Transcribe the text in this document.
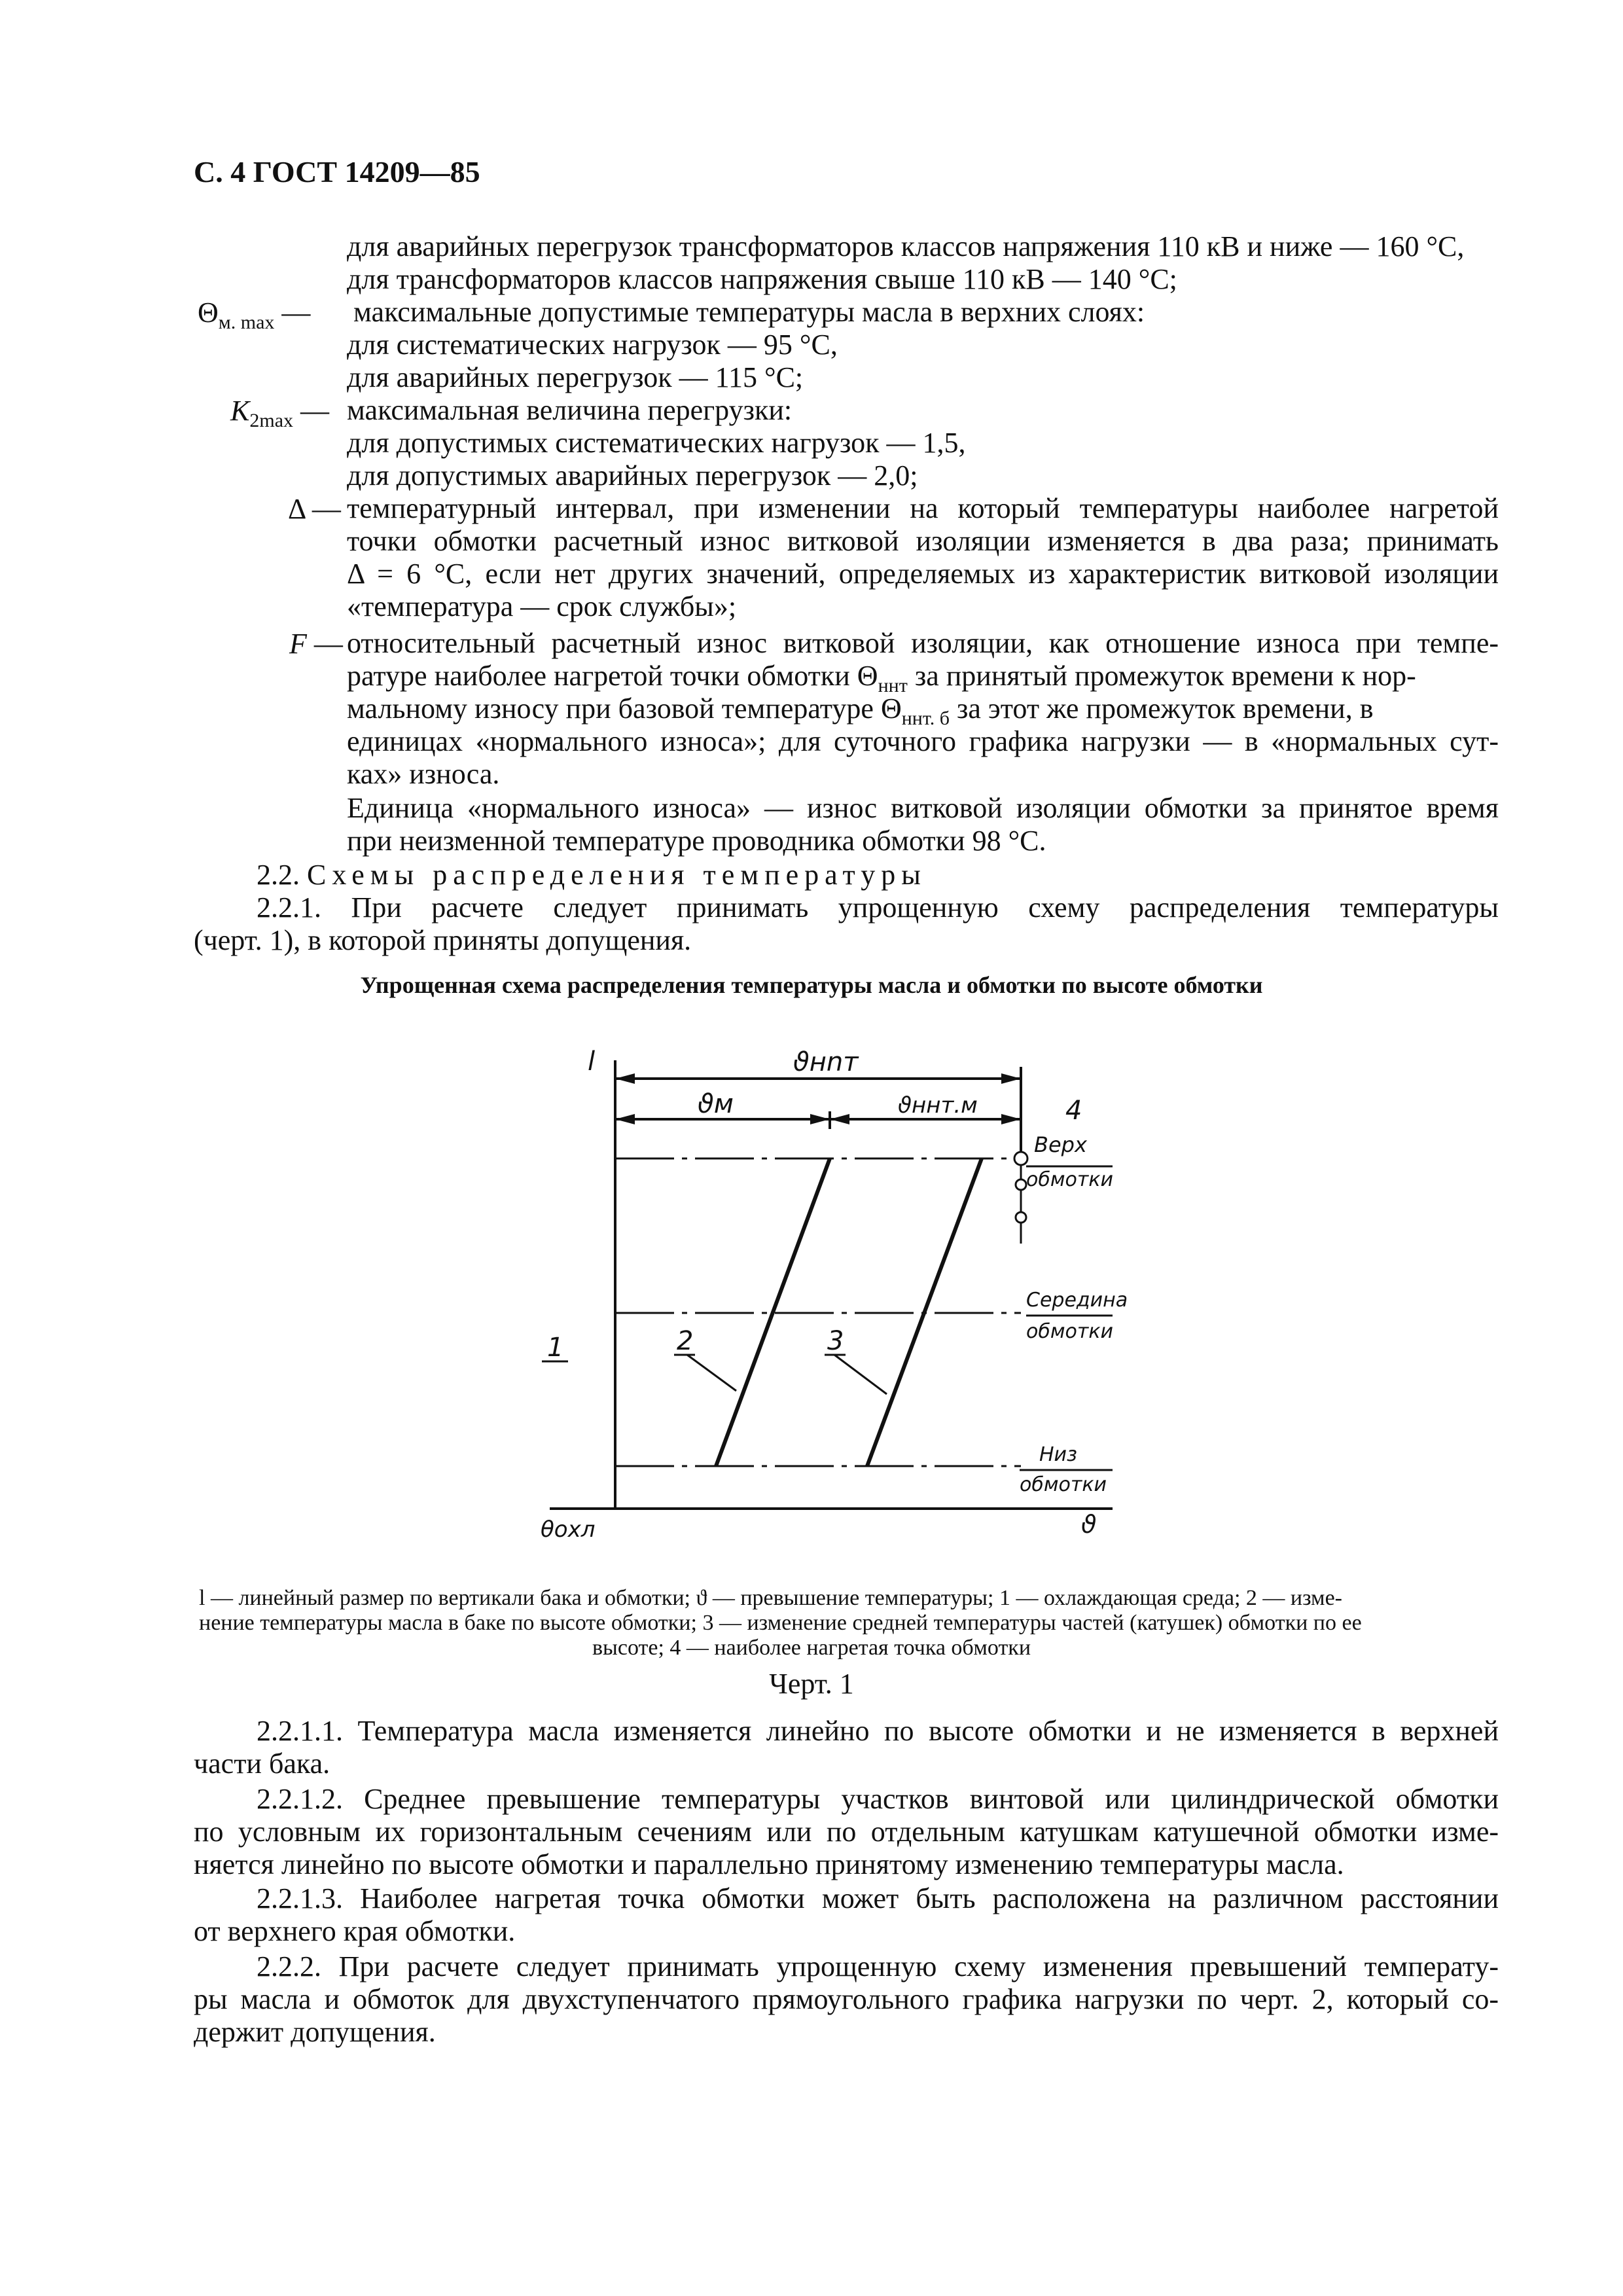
С. 4 ГОСТ 14209—85
для аварийных перегрузок трансформаторов классов напряжения 110 кВ и ниже — 160 °С,
для трансформаторов классов напряжения свыше 110 кВ — 140 °С;
$\Theta_{м. max}$ — максимальные допустимые температуры масла в верхних слоях:
для систематических нагрузок — 95 °С,
для аварийных перегрузок — 115 °С;
$K_{2max}$ — максимальная величина перегрузки:
для допустимых систематических нагрузок — 1,5,
для допустимых аварийных перегрузок — 2,0;
Δ — температурный интервал, при изменении на который температуры наиболее нагретой
точки обмотки расчетный износ витковой изоляции изменяется в два раза; принимать
Δ = 6 °С, если нет других значений, определяемых из характеристик витковой изоляции
«температура — срок службы»;
F — относительный расчетный износ витковой изоляции, как отношение износа при темпе-
ратуре наиболее нагретой точки обмотки $\Theta_{ннт}$ за принятый промежуток времени к нор-
мальному износу при базовой температуре $\Theta_{ннт. б}$ за этот же промежуток времени, в
единицах «нормального износа»; для суточного графика нагрузки — в «нормальных сут-
ках» износа.
Единица «нормального износа» — износ витковой изоляции обмотки за принятое время
при неизменной температуре проводника обмотки 98 °С.
2.2. Схемы распределения температуры
2.2.1. При расчете следует принимать упрощенную схему распределения температуры
(черт. 1), в которой приняты допущения.
Упрощенная схема распределения температуры масла и обмотки по высоте обмотки
l	ϑнnт
ϑм	ϑннт.м	4
Верх
обмотки
Середина
обмотки
Низ
обмотки
1	2	3
θохл	ϑ
l — линейный размер по вертикали бака и обмотки; ϑ — превышение температуры; 1 — охлаждающая среда; 2 — изме-
нение температуры масла в баке по высоте обмотки; 3 — изменение средней температуры частей (катушек) обмотки по ее
высоте; 4 — наиболее нагретая точка обмотки
Черт. 1
2.2.1.1. Температура масла изменяется линейно по высоте обмотки и не изменяется в верхней
части бака.
2.2.1.2. Среднее превышение температуры участков винтовой или цилиндрической обмотки
по условным их горизонтальным сечениям или по отдельным катушкам катушечной обмотки изме-
няется линейно по высоте обмотки и параллельно принятому изменению температуры масла.
2.2.1.3. Наиболее нагретая точка обмотки может быть расположена на различном расстоянии
от верхнего края обмотки.
2.2.2. При расчете следует принимать упрощенную схему изменения превышений температу-
ры масла и обмоток для двухступенчатого прямоугольного графика нагрузки по черт. 2, который со-
держит допущения.
